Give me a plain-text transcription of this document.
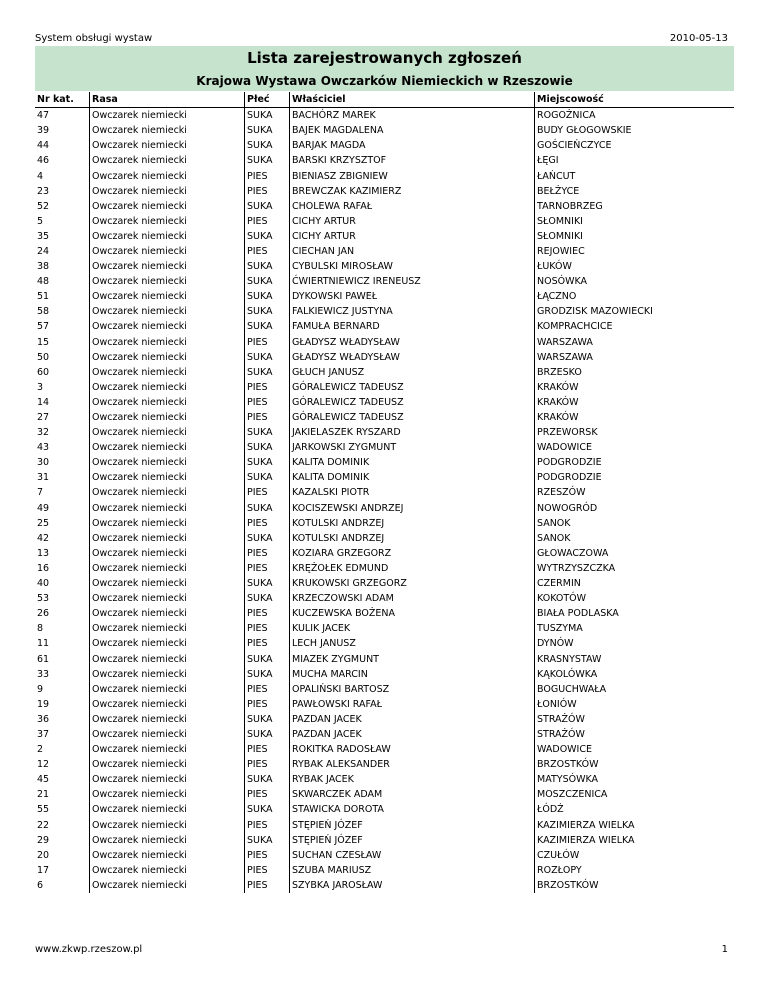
System obsługi wystaw	2010-05-13
Lista zarejestrowanych zgłoszeń
Krajowa Wystawa Owczarków Niemieckich w Rzeszowie
Nr kat.	Rasa	Płeć	Właściciel	Miejscowość
47	Owczarek niemiecki	SUKA	BACHÓRZ MAREK	ROGOŻNICA
39	Owczarek niemiecki	SUKA	BAJEK MAGDALENA	BUDY GŁOGOWSKIE
44	Owczarek niemiecki	SUKA	BARJAK MAGDA	GOŚCIEŃCZYCE
46	Owczarek niemiecki	SUKA	BARSKI KRZYSZTOF	ŁĘGI
4	Owczarek niemiecki	PIES	BIENIASZ ZBIGNIEW	ŁAŃCUT
23	Owczarek niemiecki	PIES	BREWCZAK KAZIMIERZ	BEŁŻYCE
52	Owczarek niemiecki	SUKA	CHOLEWA RAFAŁ	TARNOBRZEG
5	Owczarek niemiecki	PIES	CICHY ARTUR	SŁOMNIKI
35	Owczarek niemiecki	SUKA	CICHY ARTUR	SŁOMNIKI
24	Owczarek niemiecki	PIES	CIECHAN JAN	REJOWIEC
38	Owczarek niemiecki	SUKA	CYBULSKI MIROSŁAW	ŁUKÓW
48	Owczarek niemiecki	SUKA	ĆWIERTNIEWICZ IRENEUSZ	NOSÓWKA
51	Owczarek niemiecki	SUKA	DYKOWSKI PAWEŁ	ŁĄCZNO
58	Owczarek niemiecki	SUKA	FALKIEWICZ JUSTYNA	GRODZISK MAZOWIECKI
57	Owczarek niemiecki	SUKA	FAMUŁA BERNARD	KOMPRACHCICE
15	Owczarek niemiecki	PIES	GŁADYSZ WŁADYSŁAW	WARSZAWA
50	Owczarek niemiecki	SUKA	GŁADYSZ WŁADYSŁAW	WARSZAWA
60	Owczarek niemiecki	SUKA	GŁUCH JANUSZ	BRZESKO
3	Owczarek niemiecki	PIES	GÓRALEWICZ TADEUSZ	KRAKÓW
14	Owczarek niemiecki	PIES	GÓRALEWICZ TADEUSZ	KRAKÓW
27	Owczarek niemiecki	PIES	GÓRALEWICZ TADEUSZ	KRAKÓW
32	Owczarek niemiecki	SUKA	JAKIELASZEK RYSZARD	PRZEWORSK
43	Owczarek niemiecki	SUKA	JARKOWSKI ZYGMUNT	WADOWICE
30	Owczarek niemiecki	SUKA	KALITA DOMINIK	PODGRODZIE
31	Owczarek niemiecki	SUKA	KALITA DOMINIK	PODGRODZIE
7	Owczarek niemiecki	PIES	KAZALSKI PIOTR	RZESZÓW
49	Owczarek niemiecki	SUKA	KOCISZEWSKI ANDRZEJ	NOWOGRÓD
25	Owczarek niemiecki	PIES	KOTULSKI ANDRZEJ	SANOK
42	Owczarek niemiecki	SUKA	KOTULSKI ANDRZEJ	SANOK
13	Owczarek niemiecki	PIES	KOZIARA GRZEGORZ	GŁOWACZOWA
16	Owczarek niemiecki	PIES	KRĘŻOŁEK EDMUND	WYTRZYSZCZKA
40	Owczarek niemiecki	SUKA	KRUKOWSKI GRZEGORZ	CZERMIN
53	Owczarek niemiecki	SUKA	KRZECZOWSKI ADAM	KOKOTÓW
26	Owczarek niemiecki	PIES	KUCZEWSKA BOŻENA	BIAŁA PODLASKA
8	Owczarek niemiecki	PIES	KULIK JACEK	TUSZYMA
11	Owczarek niemiecki	PIES	LECH JANUSZ	DYNÓW
61	Owczarek niemiecki	SUKA	MIAZEK ZYGMUNT	KRASNYSTAW
33	Owczarek niemiecki	SUKA	MUCHA MARCIN	KĄKOLÓWKA
9	Owczarek niemiecki	PIES	OPALIŃSKI BARTOSZ	BOGUCHWAŁA
19	Owczarek niemiecki	PIES	PAWŁOWSKI RAFAŁ	ŁONIÓW
36	Owczarek niemiecki	SUKA	PAZDAN JACEK	STRAŻÓW
37	Owczarek niemiecki	SUKA	PAZDAN JACEK	STRAŻÓW
2	Owczarek niemiecki	PIES	ROKITKA RADOSŁAW	WADOWICE
12	Owczarek niemiecki	PIES	RYBAK ALEKSANDER	BRZOSTKÓW
45	Owczarek niemiecki	SUKA	RYBAK JACEK	MATYSÓWKA
21	Owczarek niemiecki	PIES	SKWARCZEK ADAM	MOSZCZENICA
55	Owczarek niemiecki	SUKA	STAWICKA DOROTA	ŁÓDŹ
22	Owczarek niemiecki	PIES	STĘPIEŃ JÓZEF	KAZIMIERZA WIELKA
29	Owczarek niemiecki	SUKA	STĘPIEŃ JÓZEF	KAZIMIERZA WIELKA
20	Owczarek niemiecki	PIES	SUCHAN CZESŁAW	CZUŁÓW
17	Owczarek niemiecki	PIES	SZUBA MARIUSZ	ROZŁOPY
6	Owczarek niemiecki	PIES	SZYBKA JAROSŁAW	BRZOSTKÓW
www.zkwp.rzeszow.pl	1
